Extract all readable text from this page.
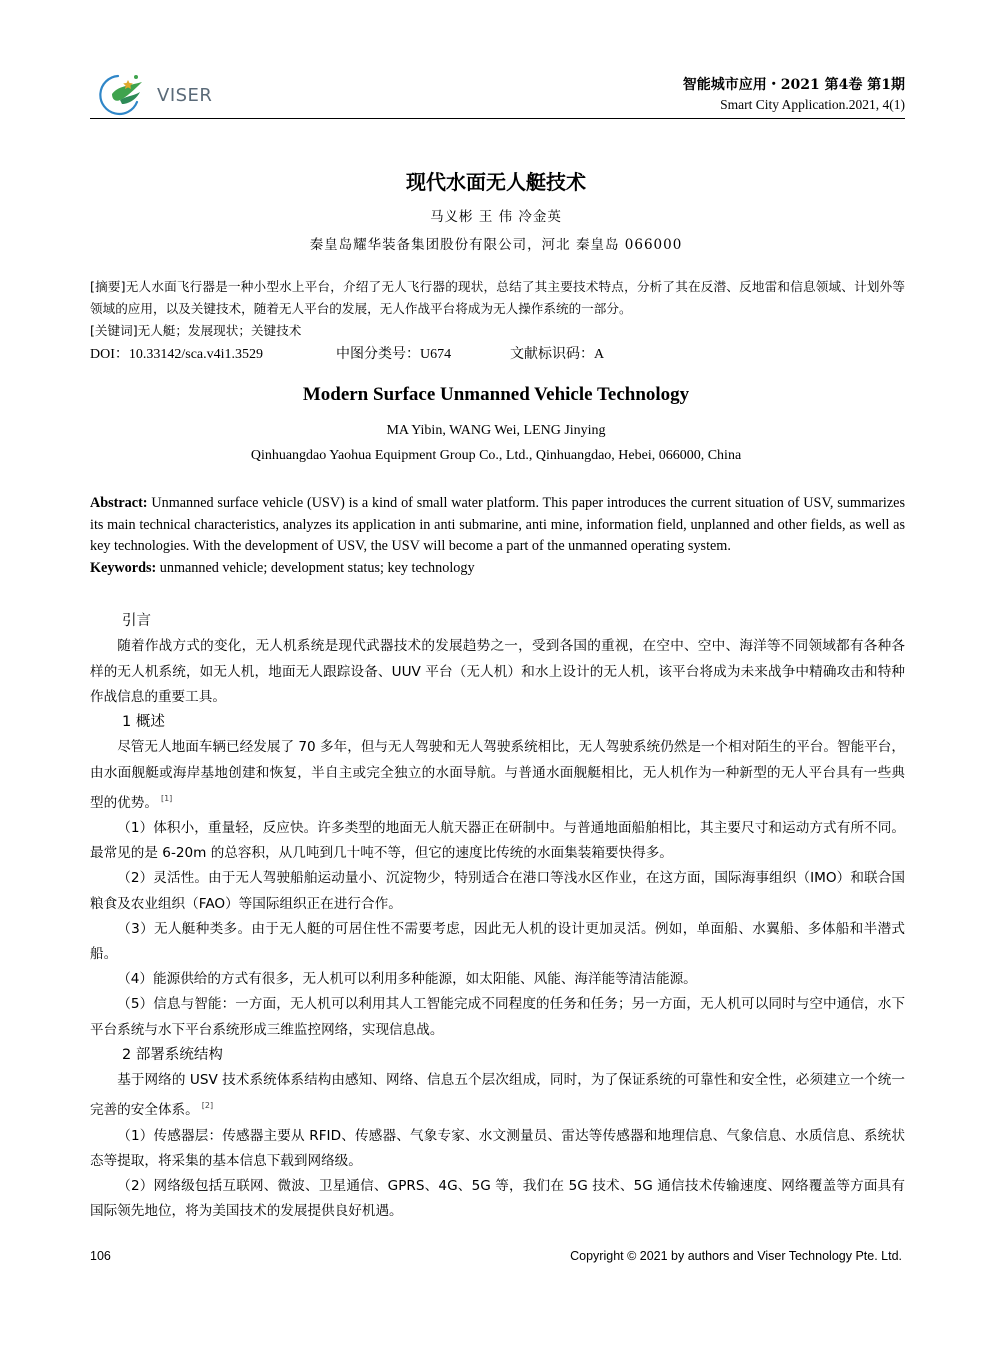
VISER	智能城市应用・2021 第4卷 第1期
Smart City Application.2021, 4(1)
现代水面无人艇技术
马义彬 王 伟 冷金英
秦皇岛耀华装备集团股份有限公司，河北 秦皇岛 066000
[摘要]无人水面飞行器是一种小型水上平台，介绍了无人飞行器的现状，总结了其主要技术特点，分析了其在反潜、反地雷和信息领域、计划外等领域的应用，以及关键技术，随着无人平台的发展，无人作战平台将成为无人操作系统的一部分。
[关键词]无人艇；发展现状；关键技术
DOI：10.33142/sca.v4i1.3529	中图分类号：U674	文献标识码：A
Modern Surface Unmanned Vehicle Technology
MA Yibin, WANG Wei, LENG Jinying
Qinhuangdao Yaohua Equipment Group Co., Ltd., Qinhuangdao, Hebei, 066000, China
Abstract: Unmanned surface vehicle (USV) is a kind of small water platform. This paper introduces the current situation of USV, summarizes its main technical characteristics, analyzes its application in anti submarine, anti mine, information field, unplanned and other fields, as well as key technologies. With the development of USV, the USV will become a part of the unmanned operating system.
Keywords: unmanned vehicle; development status; key technology
引言

随着作战方式的变化，无人机系统是现代武器技术的发展趋势之一，受到各国的重视，在空中、空中、海洋等不同领域都有各种各样的无人机系统，如无人机，地面无人跟踪设备、UUV 平台（无人机）和水上设计的无人机，该平台将成为未来战争中精确攻击和特种作战信息的重要工具。

1 概述

尽管无人地面车辆已经发展了 70 多年，但与无人驾驶和无人驾驶系统相比，无人驾驶系统仍然是一个相对陌生的平台。智能平台，由水面舰艇或海岸基地创建和恢复，半自主或完全独立的水面导航。与普通水面舰艇相比，无人机作为一种新型的无人平台具有一些典型的优势。 [1]

（1）体积小，重量轻，反应快。许多类型的地面无人航天器正在研制中。与普通地面船舶相比，其主要尺寸和运动方式有所不同。最常见的是 6-20m 的总容积，从几吨到几十吨不等，但它的速度比传统的水面集装箱要快得多。

（2）灵活性。由于无人驾驶船舶运动量小、沉淀物少，特别适合在港口等浅水区作业，在这方面，国际海事组织（IMO）和联合国粮食及农业组织（FAO）等国际组织正在进行合作。

（3）无人艇种类多。由于无人艇的可居住性不需要考虑，因此无人机的设计更加灵活。例如，单面船、水翼船、多体船和半潜式船。

（4）能源供给的方式有很多，无人机可以利用多种能源，如太阳能、风能、海洋能等清洁能源。

（5）信息与智能：一方面，无人机可以利用其人工智能完成不同程度的任务和任务；另一方面，无人机可以同时与空中通信，水下平台系统与水下平台系统形成三维监控网络，实现信息战。

2 部署系统结构

基于网络的 USV 技术系统体系结构由感知、网络、信息五个层次组成，同时，为了保证系统的可靠性和安全性，必须建立一个统一完善的安全体系。 [2]

（1）传感器层：传感器主要从 RFID、传感器、气象专家、水文测量员、雷达等传感器和地理信息、气象信息、水质信息、系统状态等提取，将采集的基本信息下载到网络级。

（2）网络级包括互联网、微波、卫星通信、GPRS、4G、5G 等，我们在 5G 技术、5G 通信技术传输速度、网络覆盖等方面具有国际领先地位，将为美国技术的发展提供良好机遇。

106	Copyright © 2021 by authors and Viser Technology Pte. Ltd.
